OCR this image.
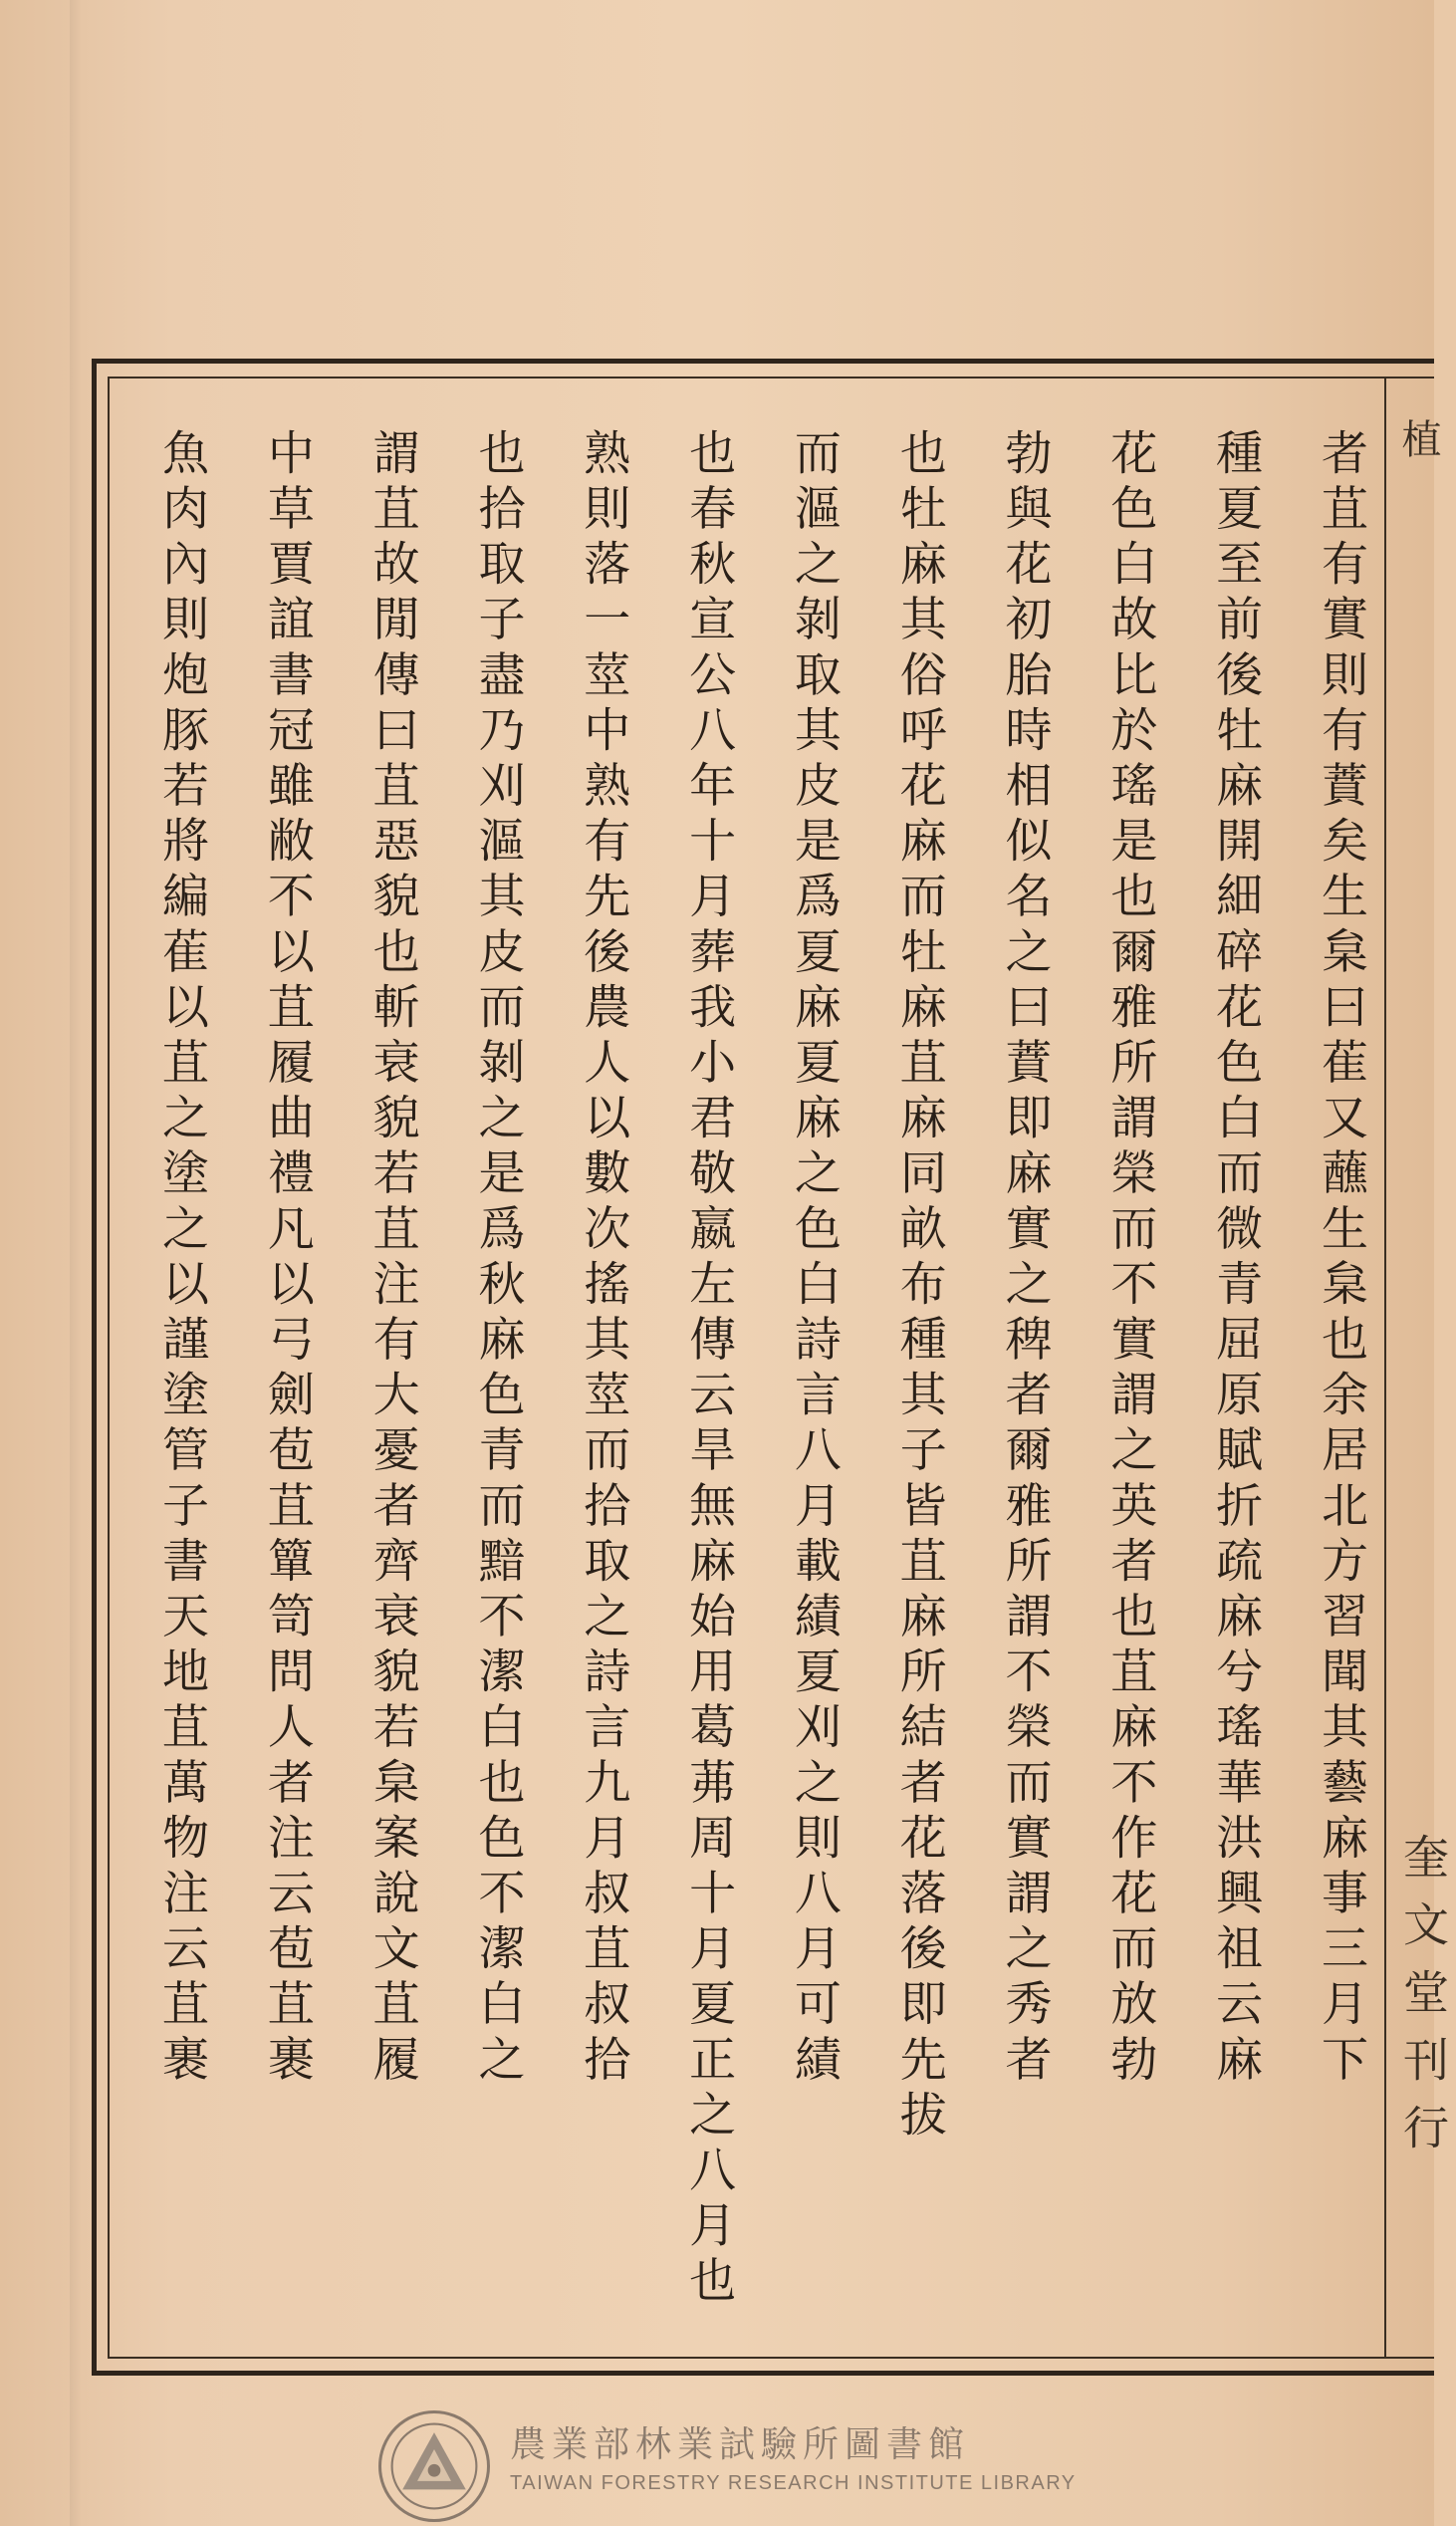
植
奎文堂刊行
者苴有實則有蕡矣生枲曰萑又蘸生枲也余居北方習聞其藝麻事三月下
種夏至前後牡麻開細碎花色白而微青屈原賦折疏麻兮瑤華洪興祖云麻
花色白故比於瑤是也爾雅所謂榮而不實謂之英者也苴麻不作花而放勃
勃與花初胎時相似名之曰蕡即麻實之稗者爾雅所謂不榮而實謂之秀者
也牡麻其俗呼花麻而牡麻苴麻同畝布種其子皆苴麻所結者花落後即先拔
而漚之剝取其皮是爲夏麻夏麻之色白詩言八月載績夏刈之則八月可績
也春秋宣公八年十月葬我小君敬嬴左傳云旱無麻始用葛茀周十月夏正之八月也
熟則落一莖中熟有先後農人以數次搖其莖而拾取之詩言九月叔苴叔拾
也拾取子盡乃刈漚其皮而剝之是爲秋麻色青而黯不潔白也色不潔白之
謂苴故閒傳曰苴惡貌也斬衰貌若苴注有大憂者齊衰貌若枲案說文苴履
中草賈誼書冠雖敝不以苴履曲禮凡以弓劍苞苴簞笥問人者注云苞苴裹
魚肉內則炮豚若將編萑以苴之塗之以謹塗管子書天地苴萬物注云苴裹
農業部林業試驗所圖書館
TAIWAN FORESTRY RESEARCH INSTITUTE LIBRARY
